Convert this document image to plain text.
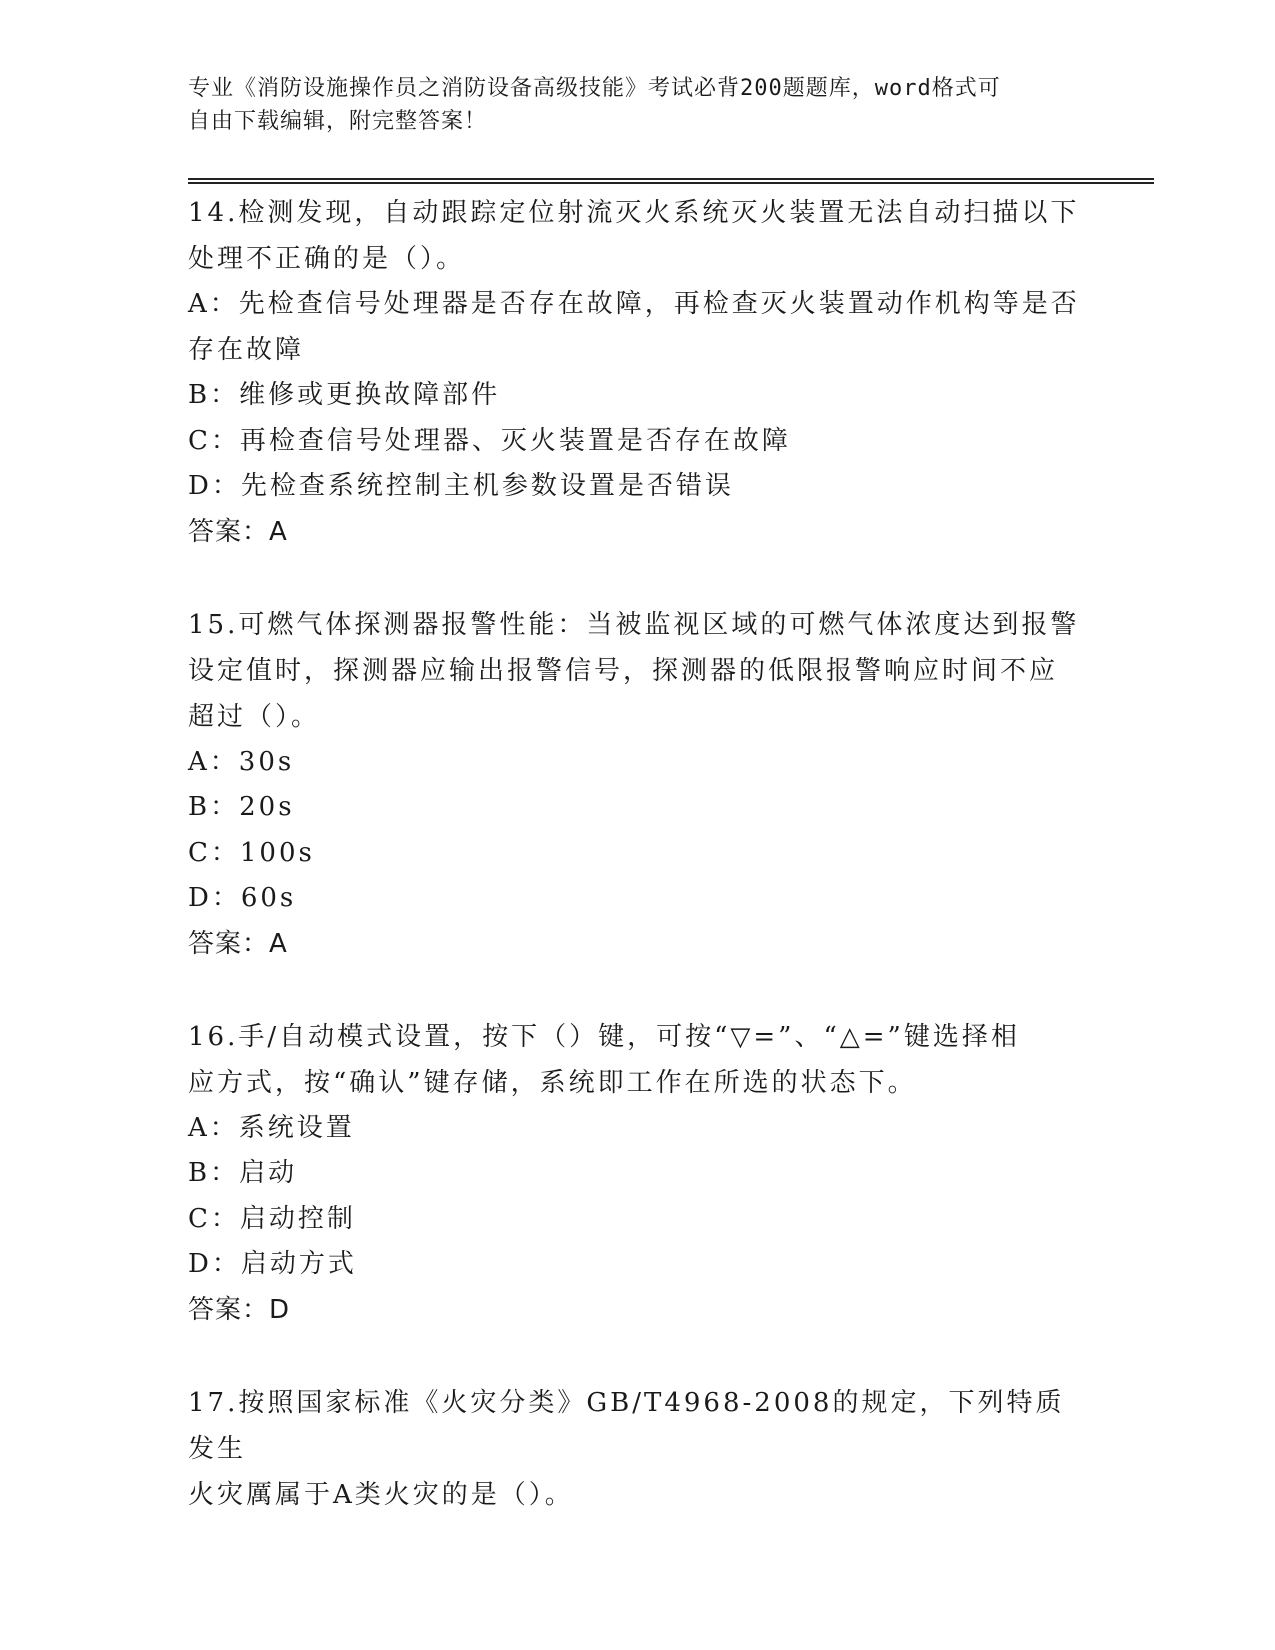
专业《消防设施操作员之消防设备高级技能》考试必背200题题库，word格式可
自由下载编辑，附完整答案！
14.检测发现，自动跟踪定位射流灭火系统灭火装置无法自动扫描以下
处理不正确的是（）。
A：先检查信号处理器是否存在故障，再检查灭火装置动作机构等是否
存在故障
B：维修或更换故障部件
C：再检查信号处理器、灭火装置是否存在故障
D：先检查系统控制主机参数设置是否错误
答案：A
15.可燃气体探测器报警性能：当被监视区域的可燃气体浓度达到报警
设定值时，探测器应输出报警信号，探测器的低限报警响应时间不应
超过（）。
A：30s
B：20s
C：100s
D：60s
答案：A
16.手/自动模式设置，按下（）键，可按“▽=”、“△=”键选择相
应方式，按“确认”键存储，系统即工作在所选的状态下。
A：系统设置
B：启动
C：启动控制
D：启动方式
答案：D
17.按照国家标准《火灾分类》GB/T4968-2008的规定，下列特质发生
火灾厲属于A类火灾的是（）。
